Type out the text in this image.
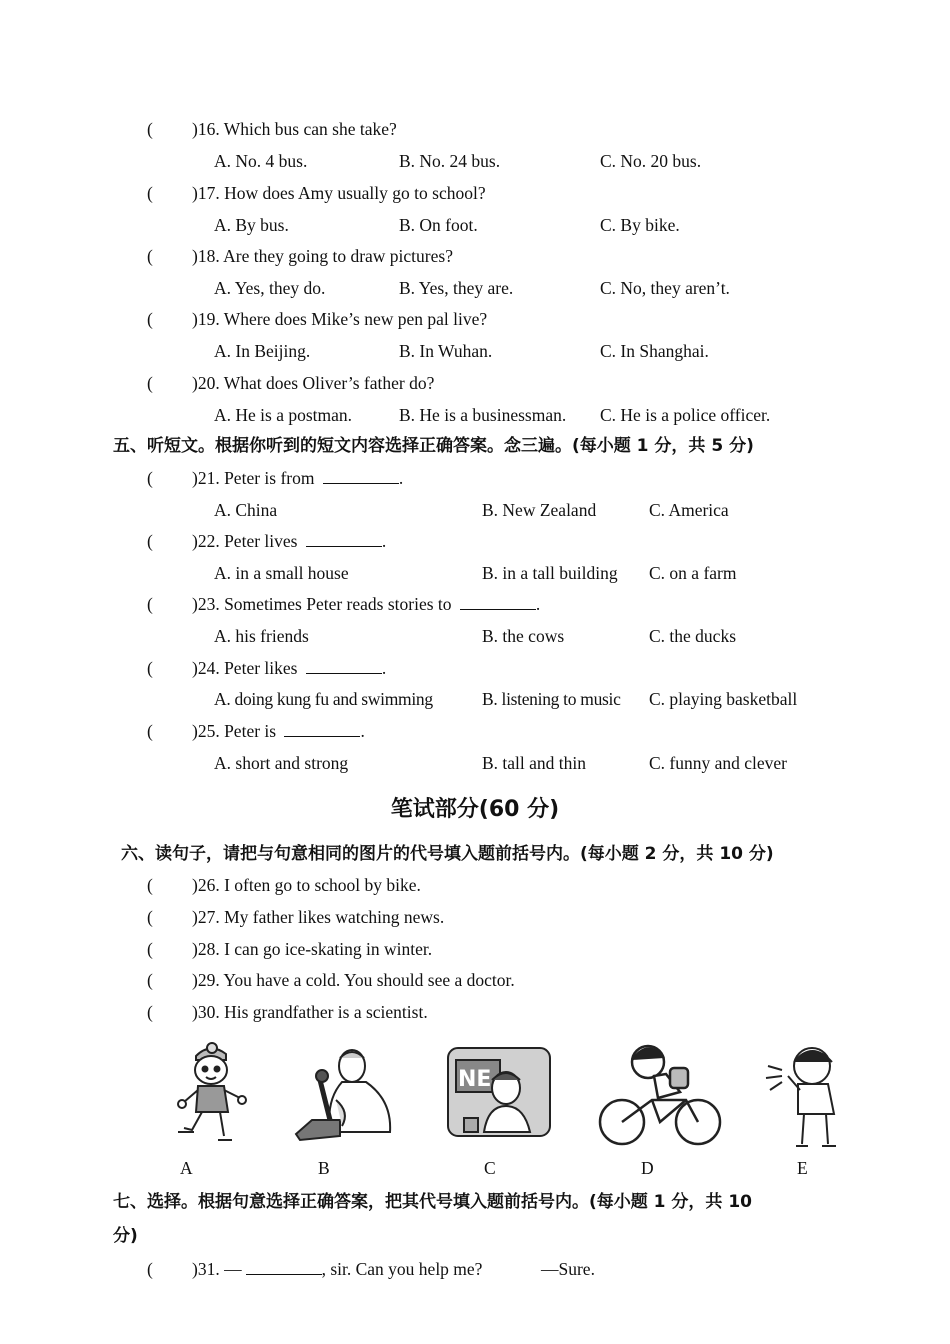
( )16. Which bus can she take?
A. No. 4 bus.	B. No. 24 bus.	C. No. 20 bus.
( )17. How does Amy usually go to school?
A. By bus.	B. On foot.	C. By bike.
( )18. Are they going to draw pictures?
A. Yes, they do.	B. Yes, they are.	C. No, they aren’t.
( )19. Where does Mike’s new pen pal live?
A. In Beijing.	B. In Wuhan.	C. In Shanghai.
( )20. What does Oliver’s father do?
A. He is a postman.	B. He is a businessman. C. He is a police officer.
五、听短文。根据你听到的短文内容选择正确答案。念三遍。(每小题 1 分，共 5 分)
( )21. Peter is from	.
A. China	B. New Zealand	C. America
( )22. Peter lives	.
A. in a small house	B. in a tall building C. on a farm
( )23. Sometimes Peter reads stories to	.
A. his friends	B. the cows	C. the ducks
( )24. Peter likes	.
A. doing kung fu and swimming	B. listening to music C. playing basketball
( )25. Peter is	.
A. short and strong	B. tall and thin	C. funny and clever
笔试部分(60 分)
六、读句子，请把与句意相同的图片的代号填入题前括号内。(每小题 2 分，共 10 分)
( )26. I often go to school by bike.
( )27. My father likes watching news.
( )28. I can go ice-skating in winter.
( )29. You have a cold. You should see a doctor.
( )30. His grandfather is a scientist.
NE
A	B	C	D	E
七、选择。根据句意选择正确答案，把其代号填入题前括号内。(每小题 1 分，共 10
分)
( )31. —	, sir. Can you help me?	—Sure.
